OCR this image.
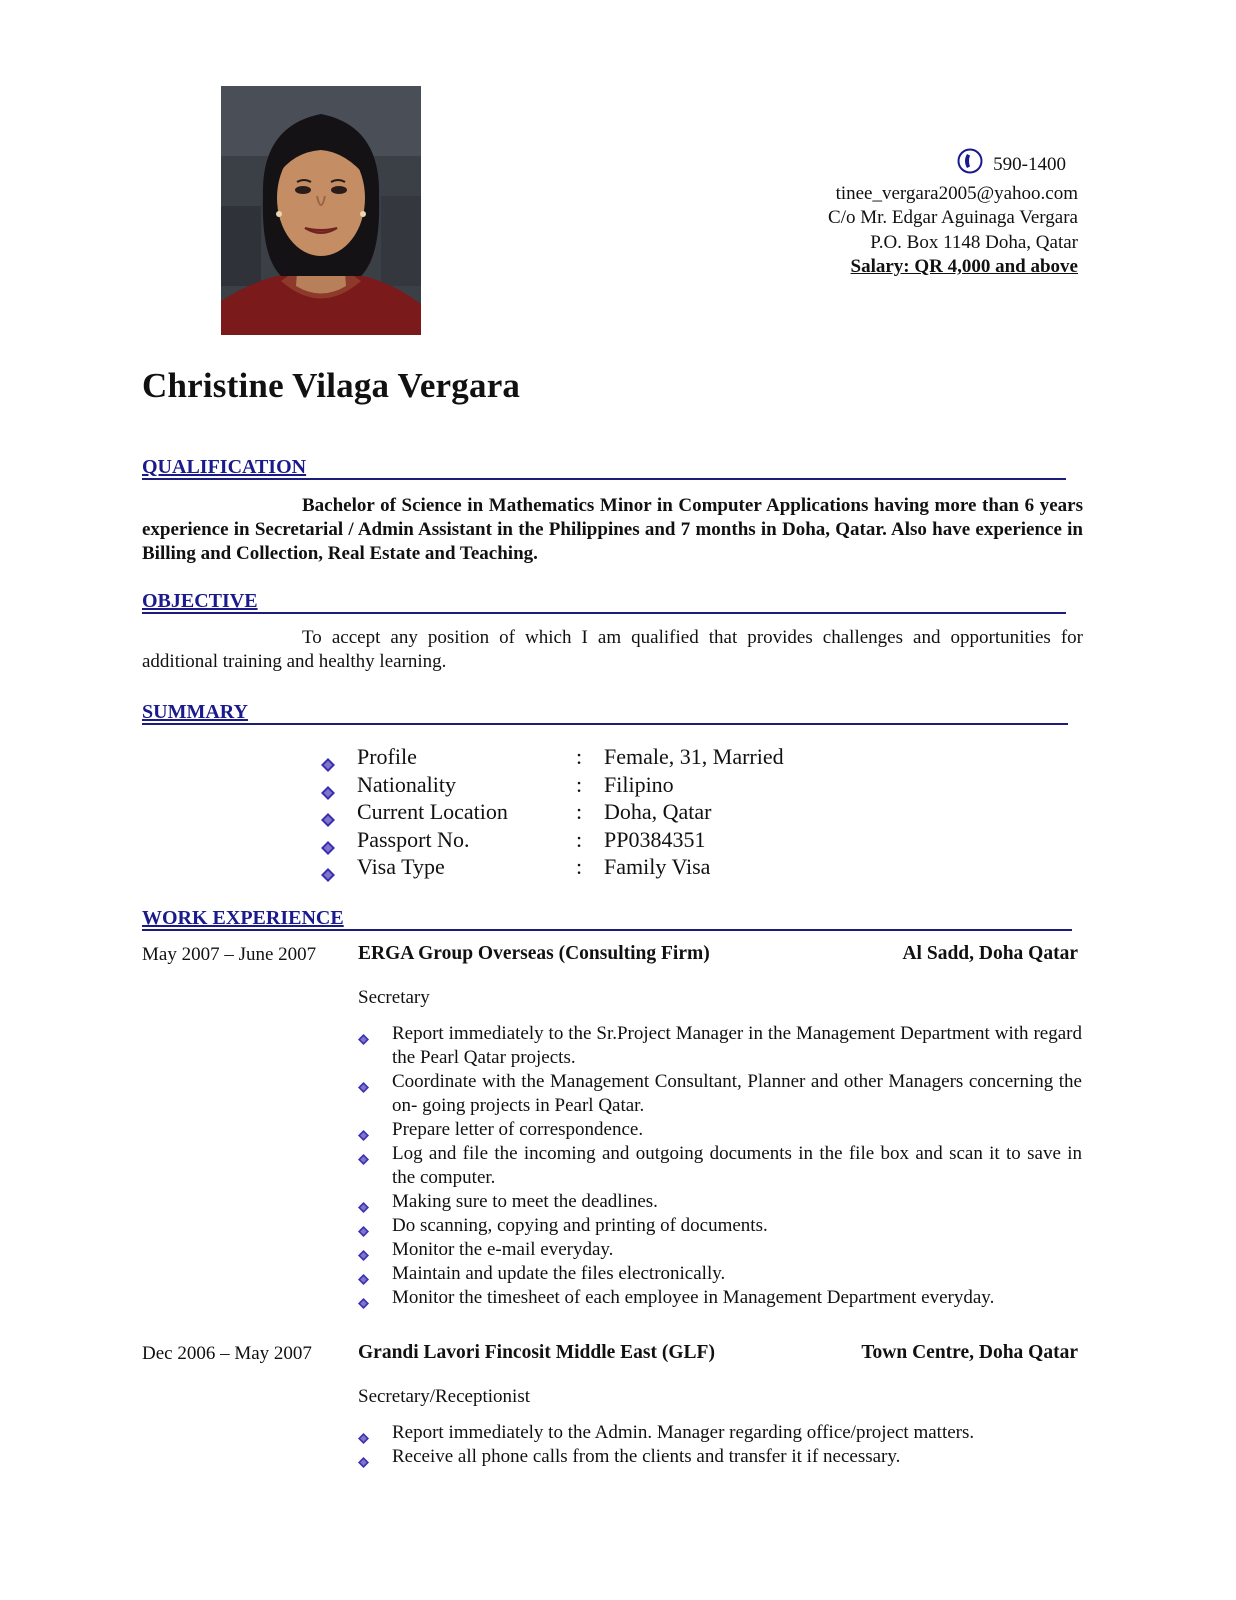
590-1400
tinee_vergara2005@yahoo.com
C/o Mr. Edgar Aguinaga Vergara
P.O. Box 1148 Doha, Qatar
Salary: QR 4,000 and above
Christine Vilaga Vergara
QUALIFICATION
Bachelor of Science in Mathematics Minor in Computer Applications having more than 6 years experience in Secretarial / Admin Assistant in the Philippines and 7 months in Doha, Qatar. Also have experience in Billing and Collection, Real Estate and Teaching.
OBJECTIVE
To accept any position of which I am qualified that provides challenges and opportunities for additional training and healthy learning.
SUMMARY
Profile	: Female, 31, Married
Nationality	: Filipino
Current Location	: Doha, Qatar
Passport No.	: PP0384351
Visa Type	: Family Visa
WORK EXPERIENCE
May 2007 – June 2007 ERGA Group Overseas (Consulting Firm)	Al Sadd, Doha Qatar
Secretary
Report immediately to the Sr.Project Manager in the Management Department with regard the Pearl Qatar projects.
Coordinate with the Management Consultant, Planner and other Managers concerning the on- going projects in Pearl Qatar.
Prepare letter of correspondence.
Log and file the incoming and outgoing documents in the file box and scan it to save in the computer.
Making sure to meet the deadlines.
Do scanning, copying and printing of documents.
Monitor the e-mail everyday.
Maintain and update the files electronically.
Monitor the timesheet of each employee in Management Department everyday.
Dec 2006 – May 2007 Grandi Lavori Fincosit Middle East (GLF)	Town Centre, Doha Qatar
Secretary/Receptionist
Report immediately to the Admin. Manager regarding office/project matters.
Receive all phone calls from the clients and transfer it if necessary.
